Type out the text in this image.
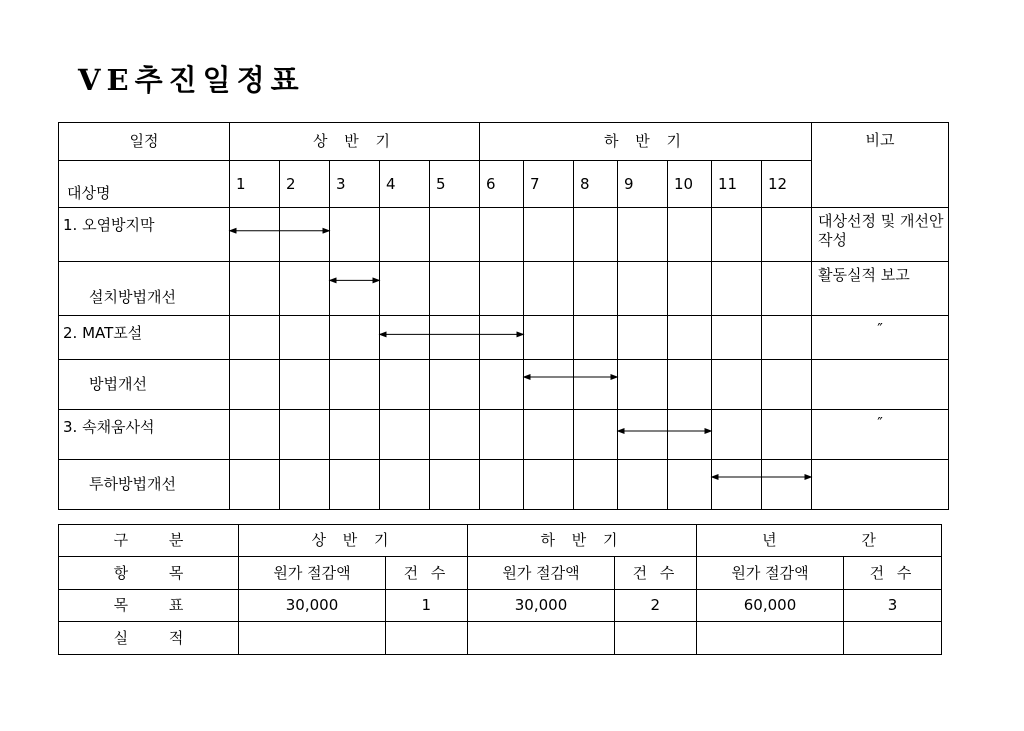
VE추진일정표
일정	상 반 기					하 반 기							비고
대상명	1	2	3	4	5	6	7	8	9	10	11	12	
1. 오염방지막													대상선정 및 개선안 작성
설치방법개선													활동실적 보고
2. MAT포설													″
방법개선													
3. 속채움사석													″
투하방법개선													
구 분	상 반 기		하 반 기		년 간	
항 목	원가 절감액	건 수	원가 절감액	건 수	원가 절감액	건 수
목 표	30,000	1	30,000	2	60,000	3
실 적						
